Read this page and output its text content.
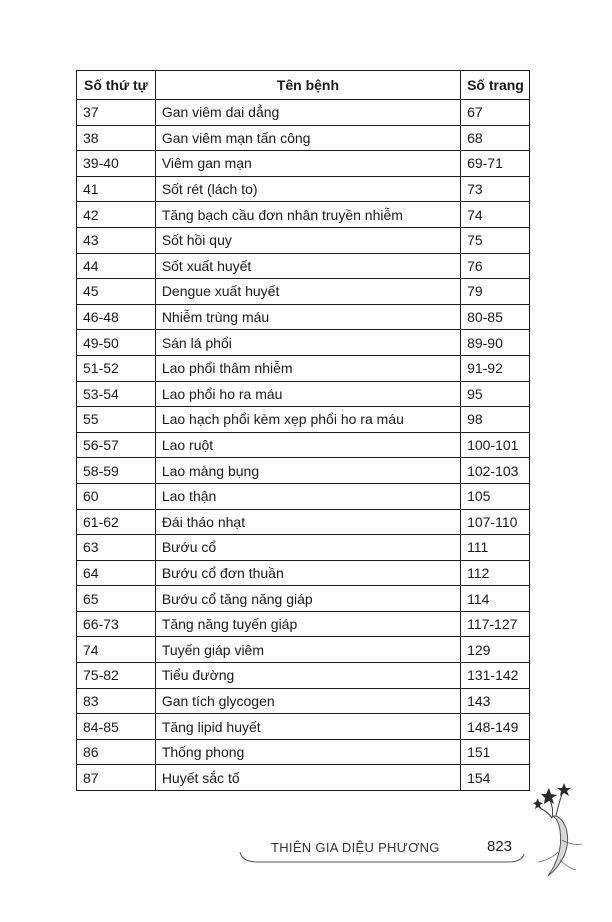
Số thứ tự	Tên bệnh	Số trang
37	Gan viêm dai dẳng	67
38	Gan viêm mạn tấn công	68
39-40	Viêm gan mạn	69-71
41	Sốt rét (lách to)	73
42	Tăng bạch cầu đơn nhân truyền nhiễm	74
43	Sốt hồi quy	75
44	Sốt xuất huyết	76
45	Dengue xuất huyết	79
46-48	Nhiễm trùng máu	80-85
49-50	Sán lá phổi	89-90
51-52	Lao phổi thâm nhiễm	91-92
53-54	Lao phổi ho ra máu	95
55	Lao hạch phổi kèm xẹp phổi ho ra máu	98
56-57	Lao ruột	100-101
58-59	Lao màng bụng	102-103
60	Lao thận	105
61-62	Đái tháo nhạt	107-110
63	Bướu cổ	111
64	Bướu cổ đơn thuần	112
65	Bướu cổ tăng năng giáp	114
66-73	Tăng năng tuyến giáp	117-127
74	Tuyến giáp viêm	129
75-82	Tiểu đường	131-142
83	Gan tích glycogen	143
84-85	Tăng lipid huyết	148-149
86	Thống phong	151
87	Huyết sắc tố	154
THIÊN GIA DIỆU PHƯƠNG	823
